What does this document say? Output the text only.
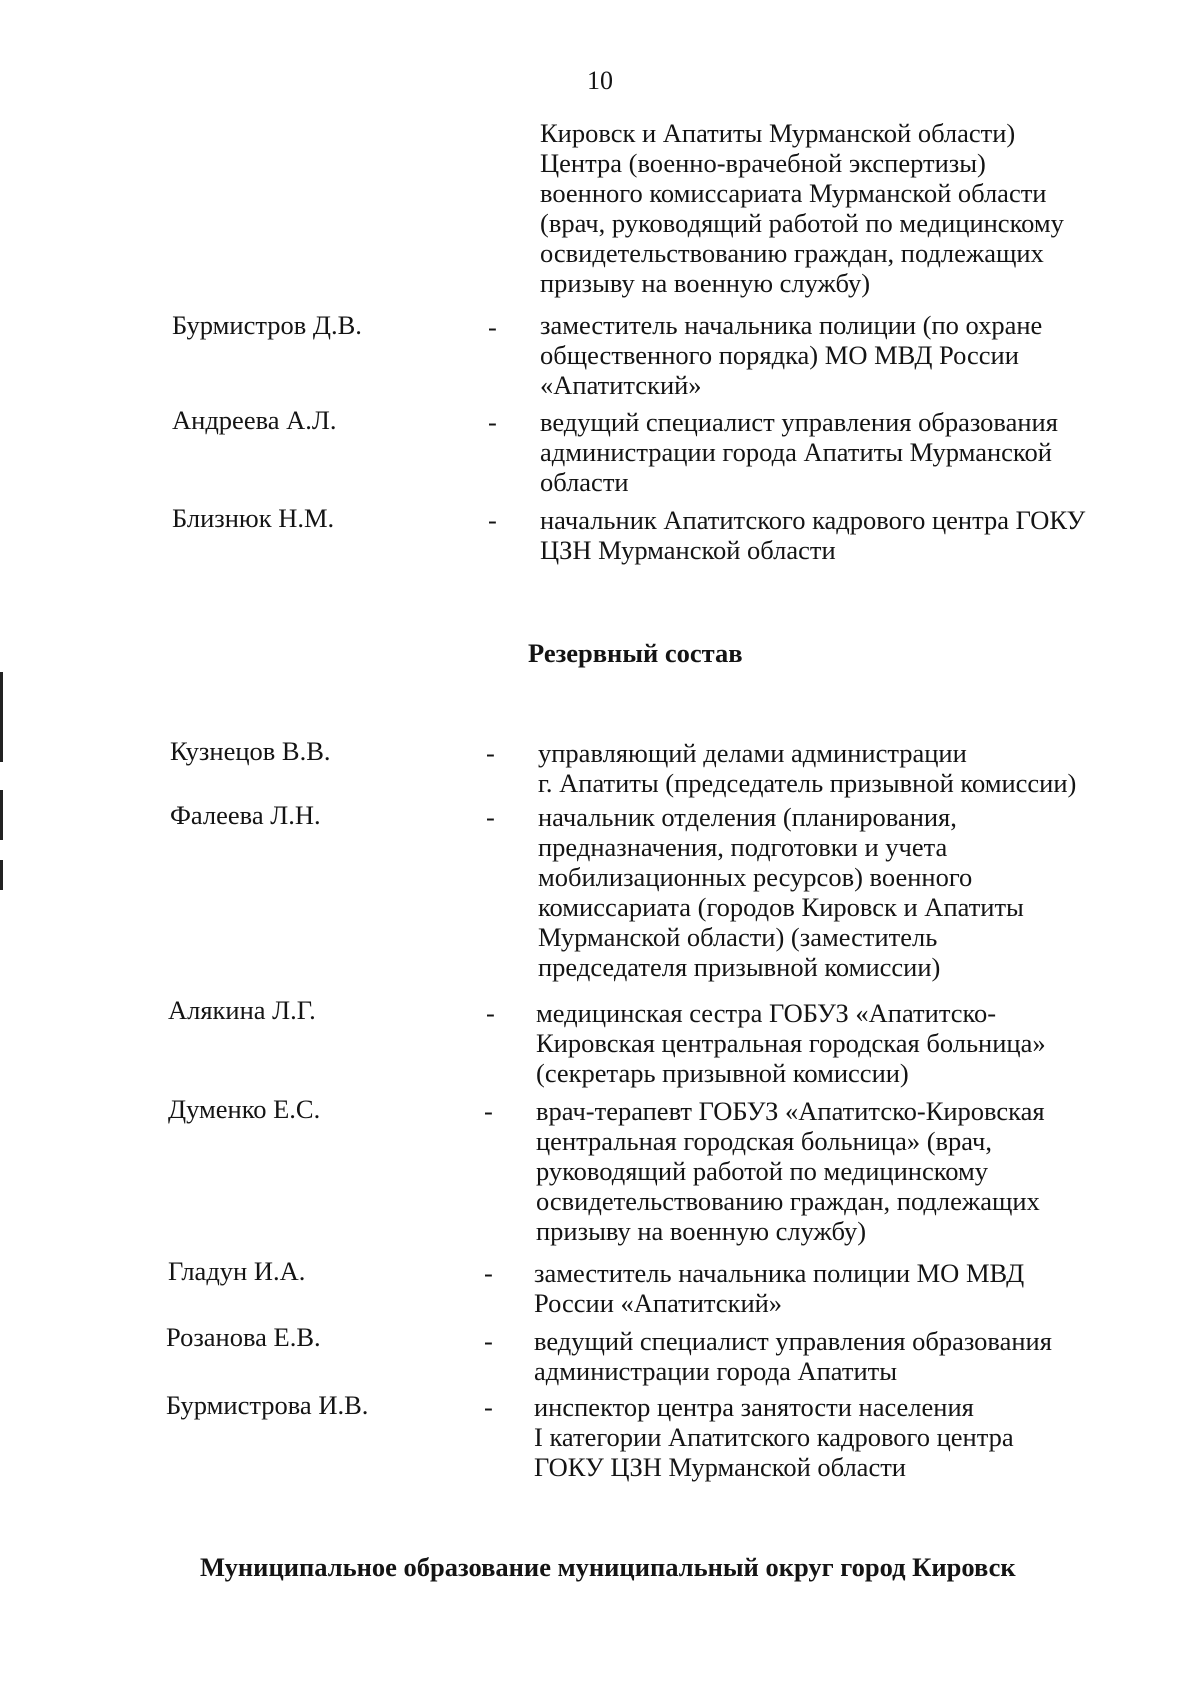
10
Кировск и Апатиты Мурманской области)
Центра (военно-врачебной экспертизы)
военного комиссариата Мурманской области
(врач, руководящий работой по медицинскому
освидетельствованию граждан, подлежащих
призыву на военную службу)
Бурмистров Д.В.	- заместитель начальника полиции (по охране
общественного порядка) МО МВД России
«Апатитский»
Андреева А.Л.	- ведущий специалист управления образования
администрации города Апатиты Мурманской
области
Близнюк Н.М.	- начальник Апатитского кадрового центра ГОКУ
ЦЗН Мурманской области
Резервный состав
Кузнецов В.В.	- управляющий делами администрации
г. Апатиты (председатель призывной комиссии)
Фалеева Л.Н.	- начальник отделения (планирования,
предназначения, подготовки и учета
мобилизационных ресурсов) военного
комиссариата (городов Кировск и Апатиты
Мурманской области) (заместитель
председателя призывной комиссии)
Алякина Л.Г.	- медицинская сестра ГОБУЗ «Апатитско-
Кировская центральная городская больница»
(секретарь призывной комиссии)
Думенко Е.С.	- врач-терапевт ГОБУЗ «Апатитско-Кировская
центральная городская больница» (врач,
руководящий работой по медицинскому
освидетельствованию граждан, подлежащих
призыву на военную службу)
Гладун И.А.	- заместитель начальника полиции МО МВД
России «Апатитский»
Розанова Е.В.	- ведущий специалист управления образования
администрации города Апатиты
Бурмистрова И.В.	- инспектор центра занятости населения
I категории Апатитского кадрового центра
ГОКУ ЦЗН Мурманской области
Муниципальное образование муниципальный округ город Кировск
